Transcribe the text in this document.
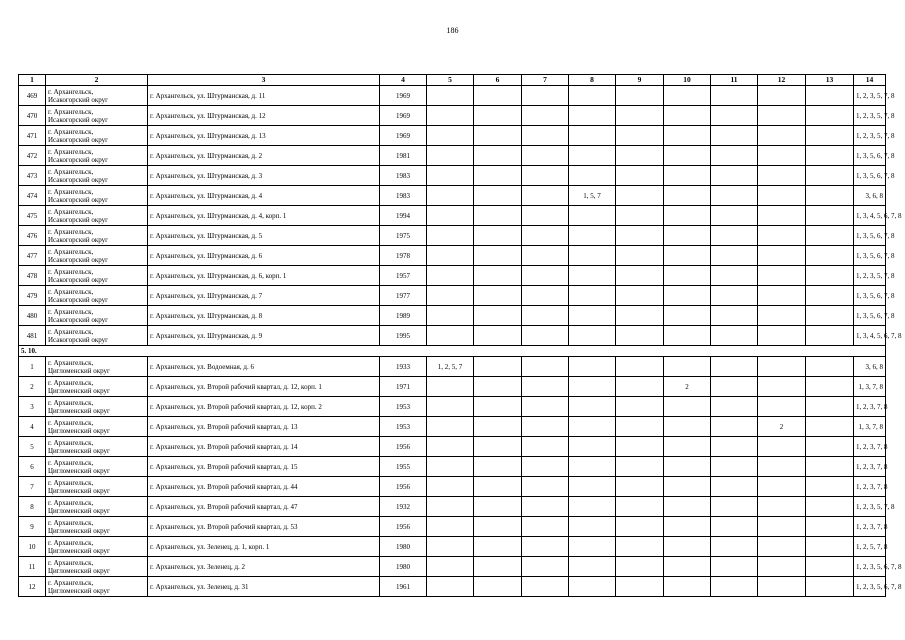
186
1	2	3	4	5	6	7	8	9	10	11	12	13	14
469	г. Архангельск,
Исакогорский округ	г. Архангельск, ул. Штурманская, д. 11	1969										1, 2, 3, 5, 7, 8
470	г. Архангельск,
Исакогорский округ	г. Архангельск, ул. Штурманская, д. 12	1969										1, 2, 3, 5, 7, 8
471	г. Архангельск,
Исакогорский округ	г. Архангельск, ул. Штурманская, д. 13	1969										1, 2, 3, 5, 7, 8
472	г. Архангельск,
Исакогорский округ	г. Архангельск, ул. Штурманская, д. 2	1981										1, 3, 5, 6, 7, 8
473	г. Архангельск,
Исакогорский округ	г. Архангельск, ул. Штурманская, д. 3	1983										1, 3, 5, 6, 7, 8
474	г. Архангельск,
Исакогорский округ	г. Архангельск, ул. Штурманская, д. 4	1983				1, 5, 7						3, 6, 8
475	г. Архангельск,
Исакогорский округ	г. Архангельск, ул. Штурманская, д. 4, корп. 1	1994										1, 3, 4, 5, 6, 7, 8
476	г. Архангельск,
Исакогорский округ	г. Архангельск, ул. Штурманская, д. 5	1975										1, 3, 5, 6, 7, 8
477	г. Архангельск,
Исакогорский округ	г. Архангельск, ул. Штурманская, д. 6	1978										1, 3, 5, 6, 7, 8
478	г. Архангельск,
Исакогорский округ	г. Архангельск, ул. Штурманская, д. 6, корп. 1	1957										1, 2, 3, 5, 7, 8
479	г. Архангельск,
Исакогорский округ	г. Архангельск, ул. Штурманская, д. 7	1977										1, 3, 5, 6, 7, 8
480	г. Архангельск,
Исакогорский округ	г. Архангельск, ул. Штурманская, д. 8	1989										1, 3, 5, 6, 7, 8
481	г. Архангельск,
Исакогорский округ	г. Архангельск, ул. Штурманская, д. 9	1995										1, 3, 4, 5, 6, 7, 8
5. 10.													
1	г. Архангельск,
Цигломенский округ	г. Архангельск, ул. Водоемная, д. 6	1933	1, 2, 5, 7									3, 6, 8
2	г. Архангельск,
Цигломенский округ	г. Архангельск, ул. Второй рабочий квартал, д. 12, корп. 1	1971						2				1, 3, 7, 8
3	г. Архангельск,
Цигломенский округ	г. Архангельск, ул. Второй рабочий квартал, д. 12, корп. 2	1953										1, 2, 3, 7, 8
4	г. Архангельск,
Цигломенский округ	г. Архангельск, ул. Второй рабочий квартал, д. 13	1953								2		1, 3, 7, 8
5	г. Архангельск,
Цигломенский округ	г. Архангельск, ул. Второй рабочий квартал, д. 14	1956										1, 2, 3, 7, 8
6	г. Архангельск,
Цигломенский округ	г. Архангельск, ул. Второй рабочий квартал, д. 15	1955										1, 2, 3, 7, 8
7	г. Архангельск,
Цигломенский округ	г. Архангельск, ул. Второй рабочий квартал, д. 44	1956										1, 2, 3, 7, 8
8	г. Архангельск,
Цигломенский округ	г. Архангельск, ул. Второй рабочий квартал, д. 47	1932										1, 2, 3, 5, 7, 8
9	г. Архангельск,
Цигломенский округ	г. Архангельск, ул. Второй рабочий квартал, д. 53	1956										1, 2, 3, 7, 8
10	г. Архангельск,
Цигломенский округ	г. Архангельск, ул. Зеленец, д. 1, корп. 1	1980										1, 2, 5, 7, 8
11	г. Архангельск,
Цигломенский округ	г. Архангельск, ул. Зеленец, д. 2	1980										1, 2, 3, 5, 6, 7, 8
12	г. Архангельск,
Цигломенский округ	г. Архангельск, ул. Зеленец, д. 31	1961										1, 2, 3, 5, 6, 7, 8
